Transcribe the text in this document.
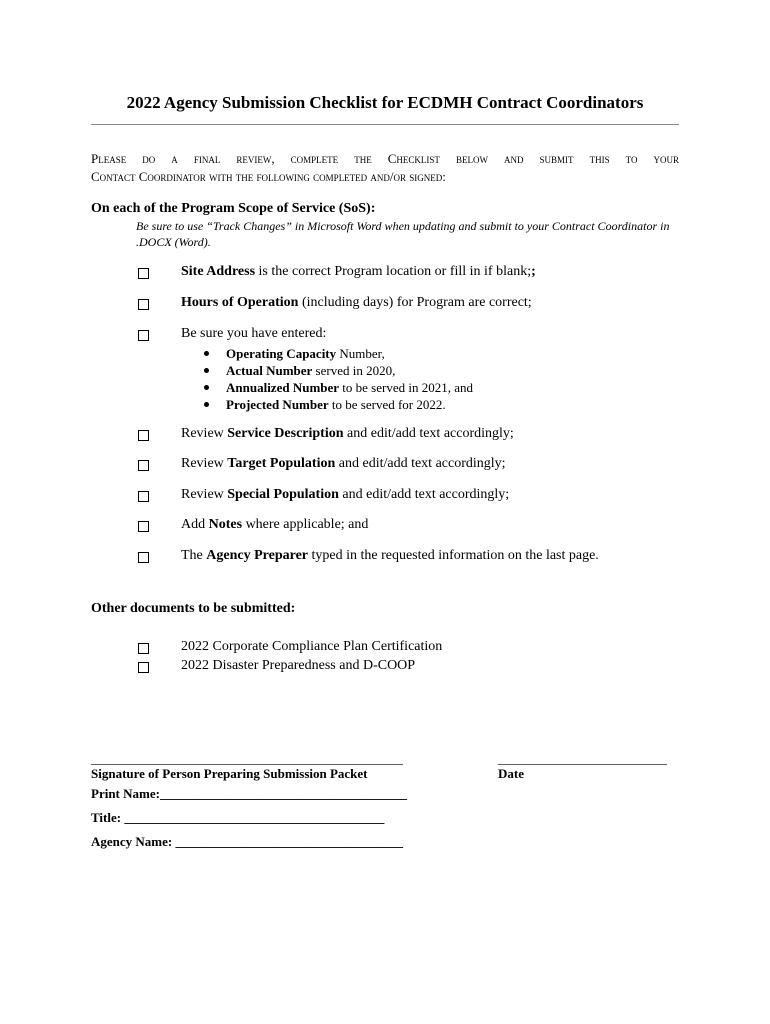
2022 Agency Submission Checklist for ECDMH Contract Coordinators
Please do a final review, complete the Checklist below and submit this to your
Contact Coordinator with the following completed and/or signed:
On each of the Program Scope of Service (SoS):
Be sure to use “Track Changes” in Microsoft Word when updating and submit to your Contract Coordinator in .DOCX (Word).
Site Address is the correct Program location or fill in if blank;;
Hours of Operation (including days) for Program are correct;
Be sure you have entered:
Operating Capacity Number,
Actual Number served in 2020,
Annualized Number to be served in 2021, and
Projected Number to be served for 2022.
Review Service Description and edit/add text accordingly;
Review Target Population and edit/add text accordingly;
Review Special Population and edit/add text accordingly;
Add Notes where applicable; and
The Agency Preparer typed in the requested information on the last page.
Other documents to be submitted:
2022 Corporate Compliance Plan Certification
2022 Disaster Preparedness and D-COOP
________________________________________________	__________________________
Signature of Person Preparing Submission Packet	Date
Print Name:______________________________________
Title: ________________________________________
Agency Name: ___________________________________
